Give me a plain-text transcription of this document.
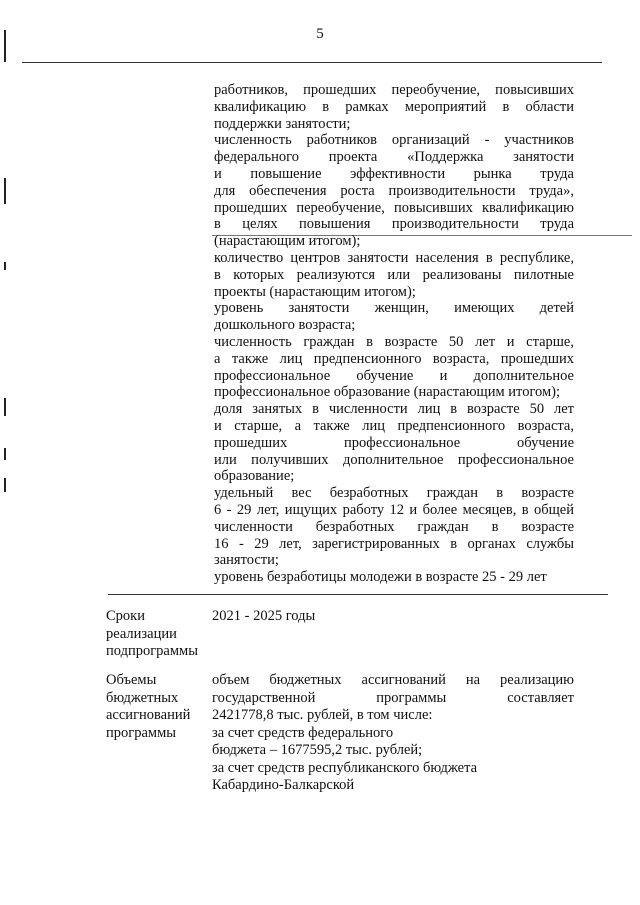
5

работников, прошедших переобучение, повысивших

квалификацию в рамках мероприятий в области

поддержки занятости;

численность работников организаций - участников

федерального проекта «Поддержка занятости

и повышение эффективности рынка труда

для обеспечения роста производительности труда»,

прошедших переобучение, повысивших квалификацию

в целях повышения производительности труда

(нарастающим итогом);

количество центров занятости населения в республике,

в которых реализуются или реализованы пилотные

проекты (нарастающим итогом);

уровень занятости женщин, имеющих детей

дошкольного возраста;

численность граждан в возрасте 50 лет и старше,

а также лиц предпенсионного возраста, прошедших

профессиональное обучение и дополнительное

профессиональное образование (нарастающим итогом);

доля занятых в численности лиц в возрасте 50 лет

и старше, а также лиц предпенсионного возраста,

прошедших профессиональное обучение

или получивших дополнительное профессиональное

образование;

удельный вес безработных граждан в возрасте

6 - 29 лет, ищущих работу 12 и более месяцев, в общей

численности безработных граждан в возрасте

16 - 29 лет, зарегистрированных в органах службы

занятости;

уровень безработицы молодежи в возрасте 25 - 29 лет

Сроки
реализации
подпрограммы

2021 - 2025 годы

Объемы
бюджетных
ассигнований
программы

объем бюджетных ассигнований на реализацию

государственной программы составляет

2421778,8 тыс. рублей, в том числе:

за счет средств федерального

бюджета – 1677595,2 тыс. рублей;

за счет средств республиканского бюджета

Кабардино-Балкарской
